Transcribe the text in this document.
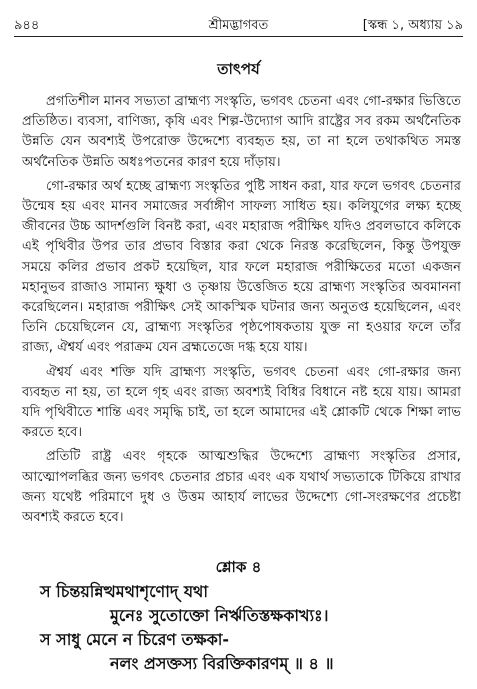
৯৪৪	শ্রীমদ্ভাগবত	[স্কন্ধ ১, অধ্যায় ১৯
তাৎপর্য

প্রগতিশীল মানব সভ্যতা ব্রাহ্মণ্য সংস্কৃতি, ভগবৎ চেতনা এবং গো-রক্ষার ভিত্তিতে প্রতিষ্ঠিত। ব্যবসা, বাণিজ্য, কৃষি এবং শিল্প-উদ্যোগ আদি রাষ্ট্রের সব রকম অর্থনৈতিক উন্নতি যেন অবশ্যই উপরোক্ত উদ্দেশ্যে ব্যবহৃত হয়, তা না হলে তথাকথিত সমস্ত অর্থনৈতিক উন্নতি অধঃপতনের কারণ হয়ে দাঁড়ায়।

গো-রক্ষার অর্থ হচ্ছে ব্রাহ্মণ্য সংস্কৃতির পুষ্টি সাধন করা, যার ফলে ভগবৎ চেতনার উন্মেষ হয় এবং মানব সমাজের সর্বাঙ্গীণ সাফল্য সাধিত হয়। কলিযুগের লক্ষ্য হচ্ছে জীবনের উচ্চ আদর্শগুলি বিনষ্ট করা, এবং মহারাজ পরীক্ষিৎ যদিও প্রবলভাবে কলিকে এই পৃথিবীর উপর তার প্রভাব বিস্তার করা থেকে নিরস্ত করেছিলেন, কিন্তু উপযুক্ত সময়ে কলির প্রভাব প্রকট হয়েছিল, যার ফলে মহারাজ পরীক্ষিতের মতো একজন মহানুভব রাজাও সামান্য ক্ষুধা ও তৃষ্ণায় উত্তেজিত হয়ে ব্রাহ্মণ্য সংস্কৃতির অবমাননা করেছিলেন। মহারাজ পরীক্ষিৎ সেই আকস্মিক ঘটনার জন্য অনুতপ্ত হয়েছিলেন, এবং তিনি চেয়েছিলেন যে, ব্রাহ্মণ্য সংস্কৃতির পৃষ্ঠপোষকতায় যুক্ত না হওয়ার ফলে তাঁর রাজ্য, ঐশ্বর্য এবং পরাক্রম যেন ব্রহ্মতেজে দগ্ধ হয়ে যায়।

ঐশ্বর্য এবং শক্তি যদি ব্রাহ্মণ্য সংস্কৃতি, ভগবৎ চেতনা এবং গো-রক্ষার জন্য ব্যবহৃত না হয়, তা হলে গৃহ এবং রাজ্য অবশ্যই বিধির বিধানে নষ্ট হয়ে যায়। আমরা যদি পৃথিবীতে শান্তি এবং সমৃদ্ধি চাই, তা হলে আমাদের এই শ্লোকটি থেকে শিক্ষা লাভ করতে হবে।

প্রতিটি রাষ্ট্র এবং গৃহকে আত্মশুদ্ধির উদ্দেশ্যে ব্রাহ্মণ্য সংস্কৃতির প্রসার, আত্মোপলব্ধির জন্য ভগবৎ চেতনার প্রচার এবং এক যথার্থ সভ্যতাকে টিকিয়ে রাখার জন্য যথেষ্ট পরিমাণে দুধ ও উত্তম আহার্য লাভের উদ্দেশ্যে গো-সংরক্ষণের প্রচেষ্টা অবশ্যই করতে হবে।

শ্লোক ৪
স চিন্তয়ন্নিত্থমথাশৃণোদ্ যথা
মুনেঃ সুতোক্তো নির্ঋতিস্তক্ষকাখ্যঃ।
স সাধু মেনে ন চিরেণ তক্ষকা-
নলং প্রসক্তস্য বিরক্তিকারণম্ ॥ ৪ ॥
